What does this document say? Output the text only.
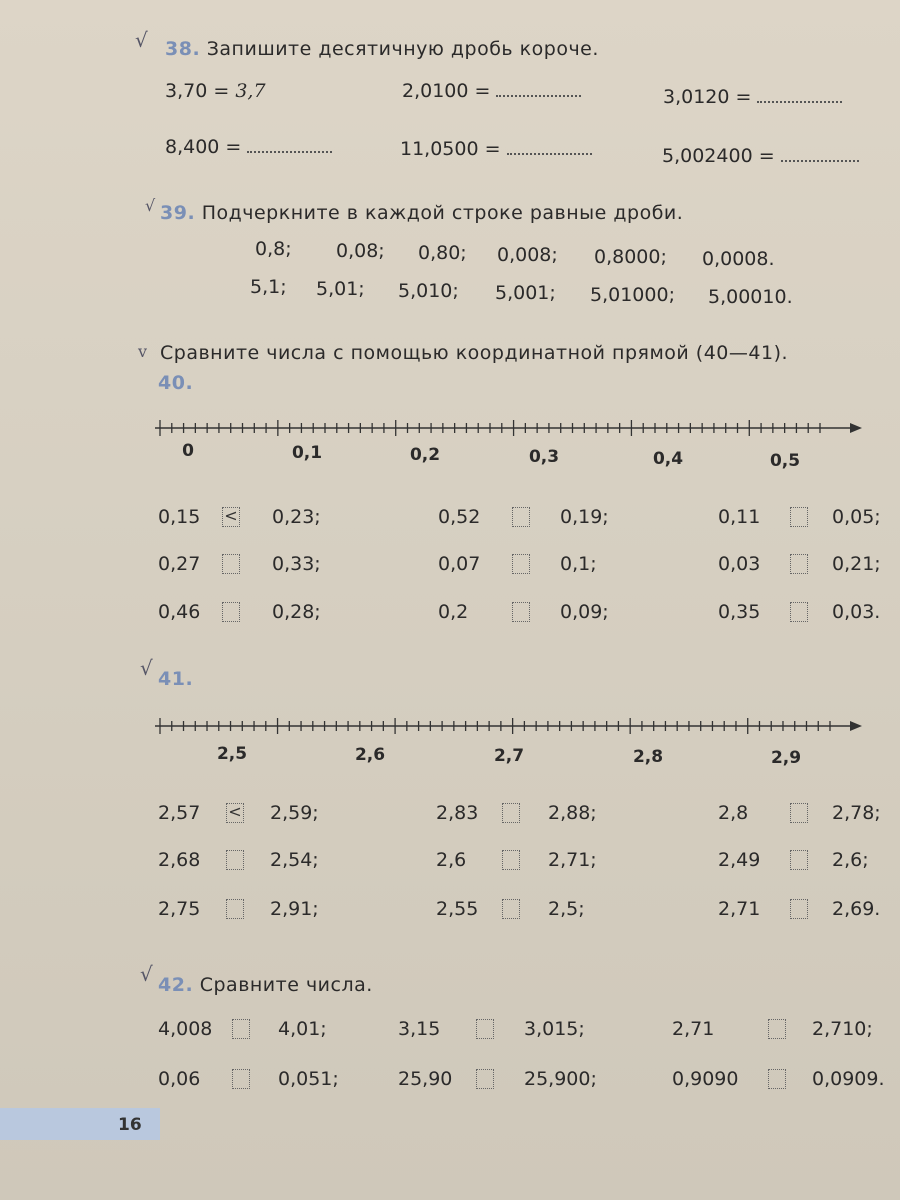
√ 38. Запишите десятичную дробь короче.
3,70 = 3,7	2,0100 =	3,0120 =
8,400 =	11,0500 =	5,002400 =
√ 39. Подчеркните в каждой строке равные дроби.
0,8; 0,08; 0,80; 0,008; 0,8000; 0,0008.
5,1; 5,01; 5,010; 5,001; 5,01000; 5,00010.
v Сравните числа с помощью координатной прямой (40—41).
40.
0	0,1	0,2	0,3	0,4	0,5
0,15 < 0,23;	0,52	0,19;	0,11	0,05;
0,27	0,33;	0,07	0,1;	0,03	0,21;
0,46	0,28;	0,2	0,09;	0,35	0,03.
√ 41.
2,5	2,6	2,7	2,8	2,9
2,57 < 2,59;	2,83	2,88;	2,8	2,78;
2,68	2,54;	2,6	2,71;	2,49	2,6;
2,75	2,91;	2,55	2,5;	2,71	2,69.
√ 42. Сравните числа.
4,008	4,01;	3,15	3,015;	2,71	2,710;
0,06	0,051;	25,90	25,900;	0,9090	0,0909.
16
